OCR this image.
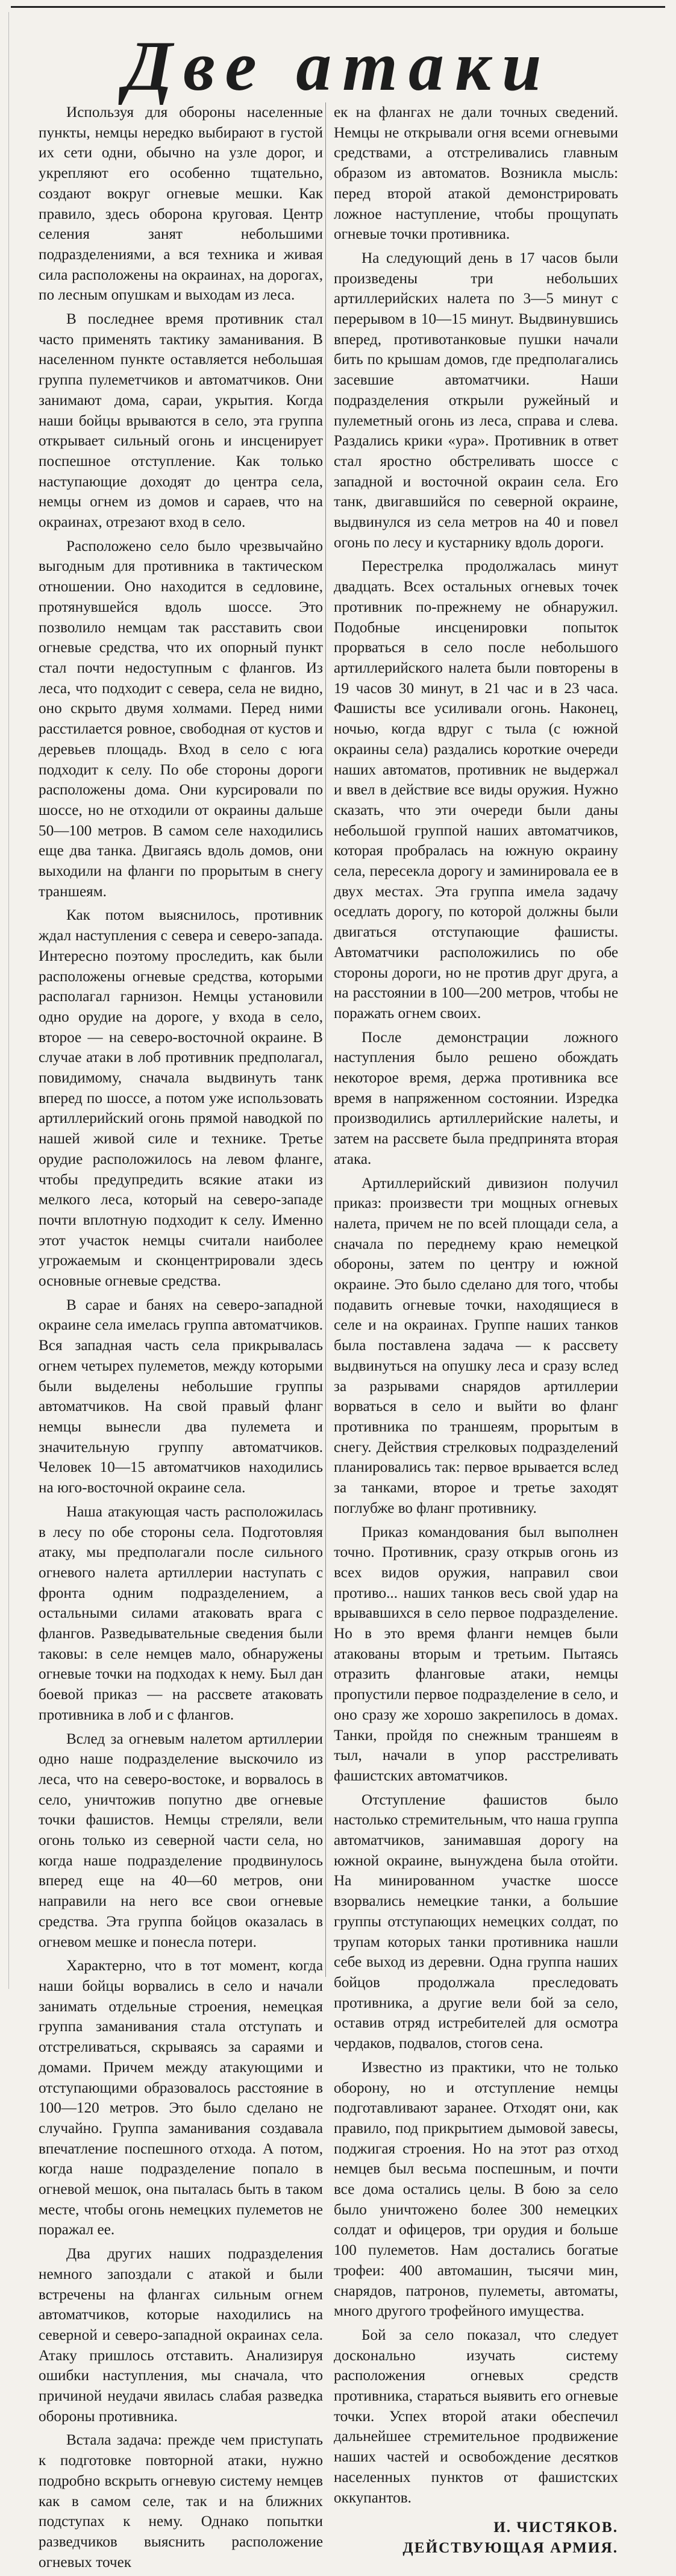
Две атаки

Используя для обороны населенные пункты, немцы нередко выбирают в густой их сети одни, обычно на узле дорог, и укрепляют его особенно тщательно, создают вокруг огневые мешки. Как правило, здесь оборона круговая. Центр селения занят небольшими подразделениями, а вся техника и живая сила расположены на окраинах, на дорогах, по лесным опушкам и выходам из леса.

В последнее время противник стал часто применять тактику заманивания. В населенном пункте оставляется небольшая группа пулеметчиков и автоматчиков. Они занимают дома, сараи, укрытия. Когда наши бойцы врываются в село, эта группа открывает сильный огонь и инсценирует поспешное отступление. Как только наступающие доходят до центра села, немцы огнем из домов и сараев, что на окраинах, отрезают вход в село.

Расположено село было чрезвычайно выгодным для противника в тактическом отношении. Оно находится в седловине, протянувшейся вдоль шоссе. Это позволило немцам так расставить свои огневые средства, что их опорный пункт стал почти недоступным с флангов. Из леса, что подходит с севера, села не видно, оно скрыто двумя холмами. Перед ними расстилается ровное, свободная от кустов и деревьев площадь. Вход в село с юга подходит к селу. По обе стороны дороги расположены дома. Они курсировали по шоссе, но не отходили от окраины дальше 50—100 метров. В самом селе находились еще два танка. Двигаясь вдоль домов, они выходили на фланги по прорытым в снегу траншеям.

Как потом выяснилось, противник ждал наступления с севера и северо-запада. Интересно поэтому проследить, как были расположены огневые средства, которыми располагал гарнизон. Немцы установили одно орудие на дороге, у входа в село, второе — на северо-восточной окраине. В случае атаки в лоб противник предполагал, повидимому, сначала выдвинуть танк вперед по шоссе, а потом уже использовать артиллерийский огонь прямой наводкой по нашей живой силе и технике. Третье орудие расположилось на левом фланге, чтобы предупредить всякие атаки из мелкого леса, который на северо-западе почти вплотную подходит к селу. Именно этот участок немцы считали наиболее угрожаемым и сконцентрировали здесь основные огневые средства.

В сарае и банях на северо-западной окраине села имелась группа автоматчиков. Вся западная часть села прикрывалась огнем четырех пулеметов, между которыми были выделены небольшие группы автоматчиков. На свой правый фланг немцы вынесли два пулемета и значительную группу автоматчиков. Человек 10—15 автоматчиков находились на юго-восточной окраине села.

Наша атакующая часть расположилась в лесу по обе стороны села. Подготовляя атаку, мы предполагали после сильного огневого налета артиллерии наступать с фронта одним подразделением, а остальными силами атаковать врага с флангов. Разведывательные сведения были таковы: в селе немцев мало, обнаружены огневые точки на подходах к нему. Был дан боевой приказ — на рассвете атаковать противника в лоб и с флангов.

Вслед за огневым налетом артиллерии одно наше подразделение выскочило из леса, что на северо-востоке, и ворвалось в село, уничтожив попутно две огневые точки фашистов. Немцы стреляли, вели огонь только из северной части села, но когда наше подразделение продвинулось вперед еще на 40—60 метров, они направили на него все свои огневые средства. Эта группа бойцов оказалась в огневом мешке и понесла потери.

Характерно, что в тот момент, когда наши бойцы ворвались в село и начали занимать отдельные строения, немецкая группа заманивания стала отступать и отстреливаться, скрываясь за сараями и домами. Причем между атакующими и отступающими образовалось расстояние в 100—120 метров. Это было сделано не случайно. Группа заманивания создавала впечатление поспешного отхода. А потом, когда наше подразделение попало в огневой мешок, она пыталась быть в таком месте, чтобы огонь немецких пулеметов не поражал ее.

Два других наших подразделения немного запоздали с атакой и были встречены на флангах сильным огнем автоматчиков, которые находились на северной и северо-западной окраинах села. Атаку пришлось отставить. Анализируя ошибки наступления, мы сначала, что причиной неудачи явилась слабая разведка обороны противника.

Встала задача: прежде чем приступать к подготовке повторной атаки, нужно подробно вскрыть огневую систему немцев как в самом селе, так и на ближних подступах к нему. Однако попытки разведчиков выяснить расположение огневых точек

ек на флангах не дали точных сведений. Немцы не открывали огня всеми огневыми средствами, а отстреливались главным образом из автоматов. Возникла мысль: перед второй атакой демонстрировать ложное наступление, чтобы прощупать огневые точки противника.

На следующий день в 17 часов были произведены три небольших артиллерийских налета по 3—5 минут с перерывом в 10—15 минут. Выдвинувшись вперед, противотанковые пушки начали бить по крышам домов, где предполагались засевшие автоматчики. Наши подразделения открыли ружейный и пулеметный огонь из леса, справа и слева. Раздались крики «ура». Противник в ответ стал яростно обстреливать шоссе с западной и восточной окраин села. Его танк, двигавшийся по северной окраине, выдвинулся из села метров на 40 и повел огонь по лесу и кустарнику вдоль дороги.

Перестрелка продолжалась минут двадцать. Всех остальных огневых точек противник по-прежнему не обнаружил. Подобные инсценировки попыток прорваться в село после небольшого артиллерийского налета были повторены в 19 часов 30 минут, в 21 час и в 23 часа. Фашисты все усиливали огонь. Наконец, ночью, когда вдруг с тыла (с южной окраины села) раздались короткие очереди наших автоматов, противник не выдержал и ввел в действие все виды оружия. Нужно сказать, что эти очереди были даны небольшой группой наших автоматчиков, которая пробралась на южную окраину села, пересекла дорогу и заминировала ее в двух местах. Эта группа имела задачу оседлать дорогу, по которой должны были двигаться отступающие фашисты. Автоматчики расположились по обе стороны дороги, но не против друг друга, а на расстоянии в 100—200 метров, чтобы не поражать огнем своих.

После демонстрации ложного наступления было решено обождать некоторое время, держа противника все время в напряженном состоянии. Изредка производились артиллерийские налеты, и затем на рассвете была предпринята вторая атака.

Артиллерийский дивизион получил приказ: произвести три мощных огневых налета, причем не по всей площади села, а сначала по переднему краю немецкой обороны, затем по центру и южной окраине. Это было сделано для того, чтобы подавить огневые точки, находящиеся в селе и на окраинах. Группе наших танков была поставлена задача — к рассвету выдвинуться на опушку леса и сразу вслед за разрывами снарядов артиллерии ворваться в село и выйти во фланг противника по траншеям, прорытым в снегу. Действия стрелковых подразделений планировались так: первое врывается вслед за танками, второе и третье заходят поглубже во фланг противнику.

Приказ командования был выполнен точно. Противник, сразу открыв огонь из всех видов оружия, направил свои противо... наших танков весь свой удар на врывавшихся в село первое подразделение. Но в это время фланги немцев были атакованы вторым и третьим. Пытаясь отразить фланговые атаки, немцы пропустили первое подразделение в село, и оно сразу же хорошо закрепилось в домах. Танки, пройдя по снежным траншеям в тыл, начали в упор расстреливать фашистских автоматчиков.

Отступление фашистов было настолько стремительным, что наша группа автоматчиков, занимавшая дорогу на южной окраине, вынуждена была отойти. На минированном участке шоссе взорвались немецкие танки, а большие группы отступающих немецких солдат, по трупам которых танки противника нашли себе выход из деревни. Одна группа наших бойцов продолжала преследовать противника, а другие вели бой за село, оставив отряд истребителей для осмотра чердаков, подвалов, стогов сена.

Известно из практики, что не только оборону, но и отступление немцы подготавливают заранее. Отходят они, как правило, под прикрытием дымовой завесы, поджигая строения. Но на этот раз отход немцев был весьма поспешным, и почти все дома остались целы. В бою за село было уничтожено более 300 немецких солдат и офицеров, три орудия и больше 100 пулеметов. Нам достались богатые трофеи: 400 автомашин, тысячи мин, снарядов, патронов, пулеметы, автоматы, много другого трофейного имущества.

Бой за село показал, что следует досконально изучать систему расположения огневых средств противника, стараться выявить его огневые точки. Успех второй атаки обеспечил дальнейшее стремительное продвижение наших частей и освобождение десятков населенных пунктов от фашистских оккупантов.

И. ЧИСТЯКОВ.
ДЕЙСТВУЮЩАЯ АРМИЯ.
